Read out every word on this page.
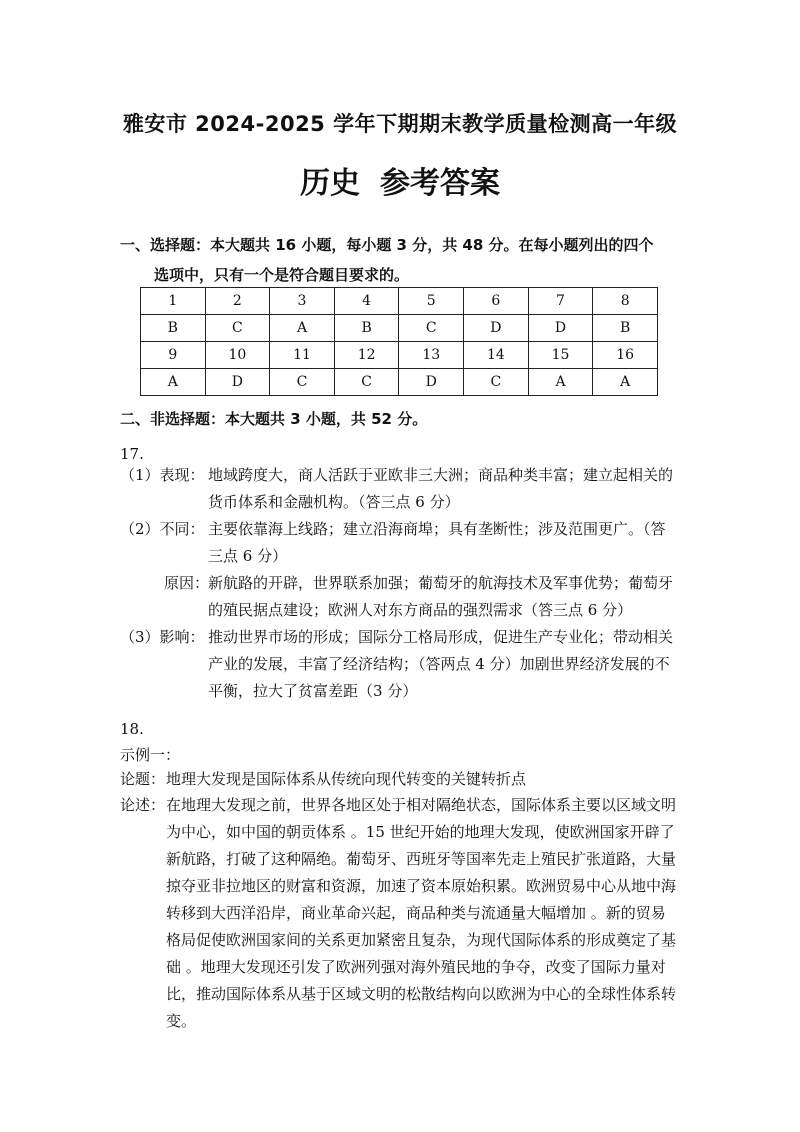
雅安市 2024-2025 学年下期期末教学质量检测高一年级
历史 参考答案
一、选择题：本大题共 16 小题，每小题 3 分，共 48 分。在每小题列出的四个
选项中，只有一个是符合题目要求的。
1	2	3	4	5	6	7	8
B	C	A	B	C	D	D	B
9	10	11	12	13	14	15	16
A	D	C	C	D	C	A	A
二、非选择题：本大题共 3 小题，共 52 分。
17.
（1）表现： 地域跨度大，商人活跃于亚欧非三大洲；商品种类丰富；建立起相关的货币体系和金融机构。（答三点 6 分）
（2）不同： 主要依靠海上线路；建立沿海商埠；具有垄断性；涉及范围更广。（答三点 6 分）
原因：
新航路的开辟，世界联系加强；葡萄牙的航海技术及军事优势；葡萄牙的殖民据点建设；欧洲人对东方商品的强烈需求（答三点 6 分）
（3）影响： 推动世界市场的形成；国际分工格局形成，促进生产专业化；带动相关产业的发展，丰富了经济结构；（答两点 4 分）加剧世界经济发展的不平衡，拉大了贫富差距（3 分）
18.
示例一：
论题： 地理大发现是国际体系从传统向现代转变的关键转折点
论述： 在地理大发现之前，世界各地区处于相对隔绝状态，国际体系主要以区域文明为中心，如中国的朝贡体系 。15 世纪开始的地理大发现，使欧洲国家开辟了新航路，打破了这种隔绝。葡萄牙、西班牙等国率先走上殖民扩张道路，大量掠夺亚非拉地区的财富和资源，加速了资本原始积累。欧洲贸易中心从地中海转移到大西洋沿岸，商业革命兴起，商品种类与流通量大幅增加 。新的贸易格局促使欧洲国家间的关系更加紧密且复杂，为现代国际体系的形成奠定了基础 。地理大发现还引发了欧洲列强对海外殖民地的争夺，改变了国际力量对比，推动国际体系从基于区域文明的松散结构向以欧洲为中心的全球性体系转变。
